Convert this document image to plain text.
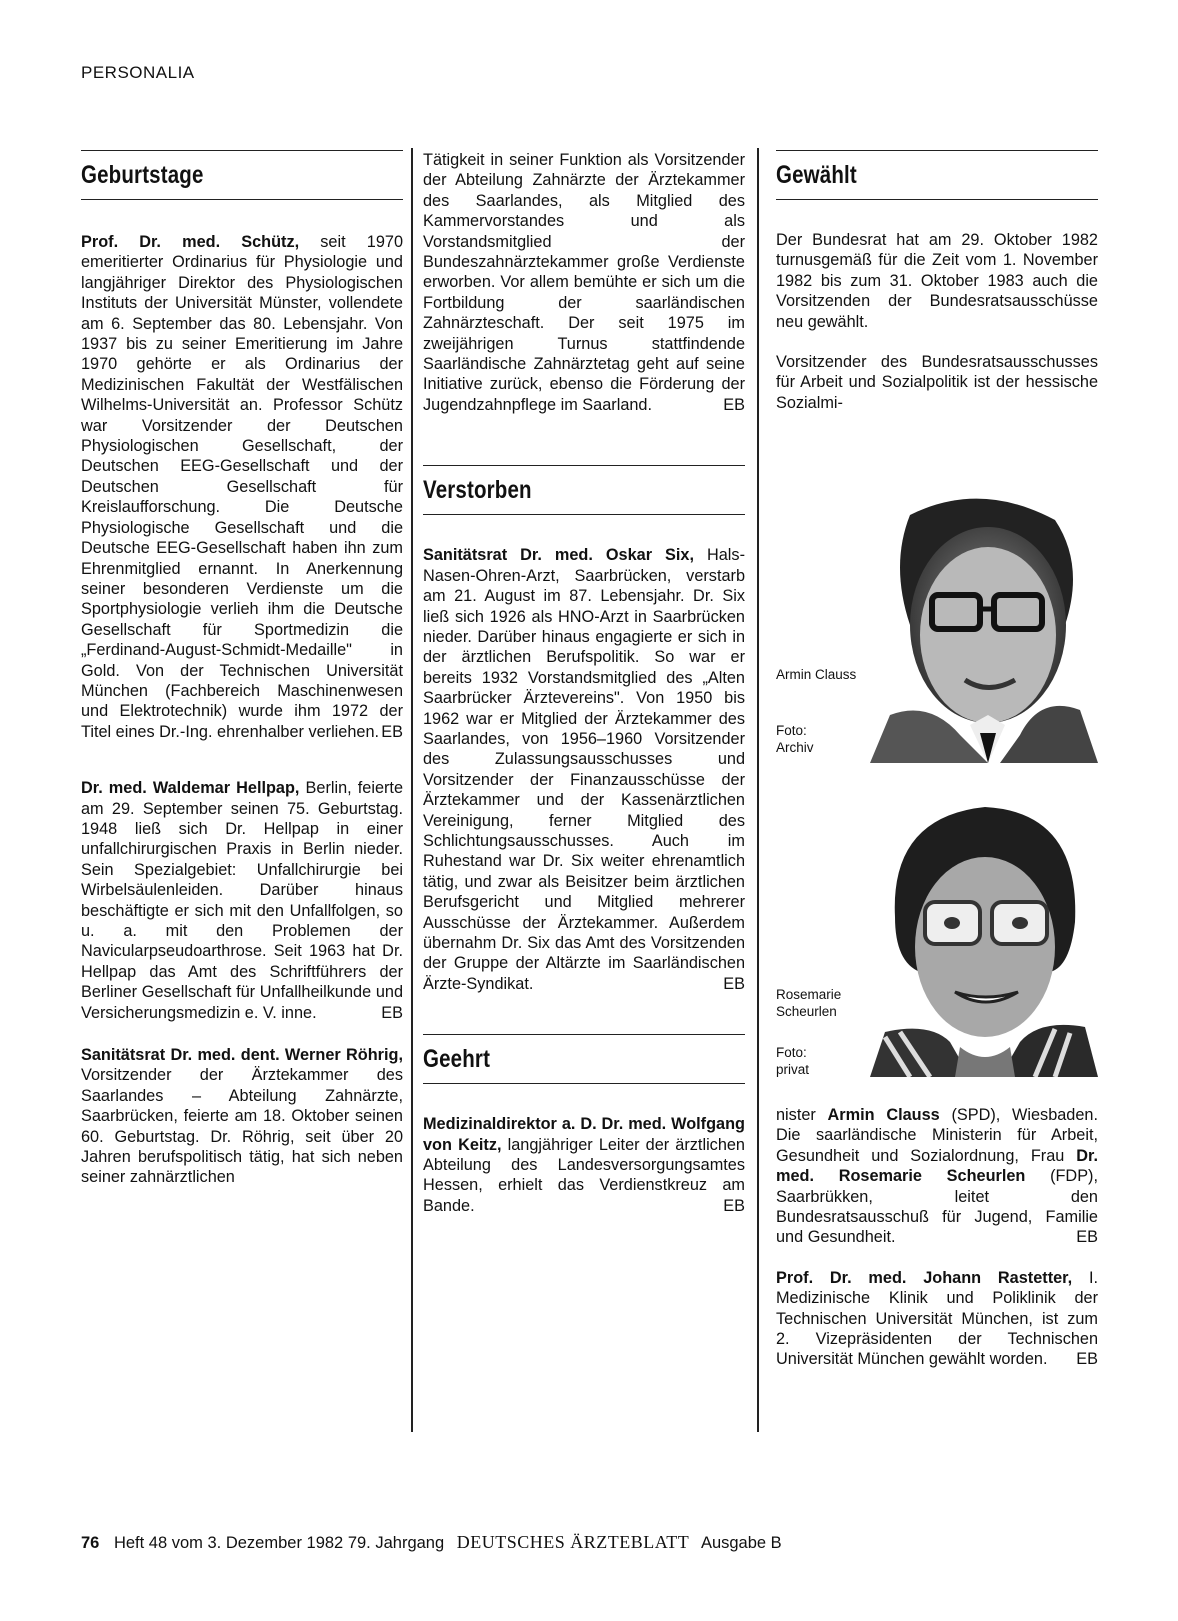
PERSONALIA
Geburtstage

Prof. Dr. med. Schütz, seit 1970 emeritierter Ordinarius für Physiologie und langjähriger Direktor des Physiologischen Instituts der Universität Münster, vollendete am 6. September das 80. Lebensjahr. Von 1937 bis zu seiner Emeritierung im Jahre 1970 gehörte er als Ordinarius der Medizinischen Fakultät der Westfälischen Wilhelms-Universität an. Professor Schütz war Vorsitzender der Deutschen Physiologischen Gesellschaft, der Deutschen EEG-Gesellschaft und der Deutschen Gesellschaft für Kreislaufforschung. Die Deutsche Physiologische Gesellschaft und die Deutsche EEG-Gesellschaft haben ihn zum Ehrenmitglied ernannt. In Anerkennung seiner besonderen Verdienste um die Sportphysiologie verlieh ihm die Deutsche Gesellschaft für Sportmedizin die „Ferdinand-August-Schmidt-Medaille" in Gold. Von der Technischen Universität München (Fachbereich Maschinenwesen und Elektrotechnik) wurde ihm 1972 der Titel eines Dr.-Ing. ehrenhalber verliehen. EB

Dr. med. Waldemar Hellpap, Berlin, feierte am 29. September seinen 75. Geburtstag. 1948 ließ sich Dr. Hellpap in einer unfallchirurgischen Praxis in Berlin nieder. Sein Spezialgebiet: Unfallchirurgie bei Wirbelsäulenleiden. Darüber hinaus beschäftigte er sich mit den Unfallfolgen, so u. a. mit den Problemen der Navicularpseudoarthrose. Seit 1963 hat Dr. Hellpap das Amt des Schriftführers der Berliner Gesellschaft für Unfallheilkunde und Versicherungsmedizin e. V. inne.	EB

Sanitätsrat Dr. med. dent. Werner Röhrig, Vorsitzender der Ärztekammer des Saarlandes – Abteilung Zahnärzte, Saarbrücken, feierte am 18. Oktober seinen 60. Geburtstag. Dr. Röhrig, seit über 20 Jahren berufspolitisch tätig, hat sich neben seiner zahnärztlichen

Tätigkeit in seiner Funktion als Vorsitzender der Abteilung Zahnärzte der Ärztekammer des Saarlandes, als Mitglied des Kammervorstandes und als Vorstandsmitglied der Bundeszahnärztekammer große Verdienste erworben. Vor allem bemühte er sich um die Fortbildung der saarländischen Zahnärzteschaft. Der seit 1975 im zweijährigen Turnus stattfindende Saarländische Zahnärztetag geht auf seine Initiative zurück, ebenso die Förderung der Jugendzahnpflege im Saarland.	EB

Verstorben

Sanitätsrat Dr. med. Oskar Six, Hals-Nasen-Ohren-Arzt, Saarbrücken, verstarb am 21. August im 87. Lebensjahr. Dr. Six ließ sich 1926 als HNO-Arzt in Saarbrücken nieder. Darüber hinaus engagierte er sich in der ärztlichen Berufspolitik. So war er bereits 1932 Vorstandsmitglied des „Alten Saarbrücker Ärztevereins". Von 1950 bis 1962 war er Mitglied der Ärztekammer des Saarlandes, von 1956–1960 Vorsitzender des Zulassungsausschusses und Vorsitzender der Finanzausschüsse der Ärztekammer und der Kassenärztlichen Vereinigung, ferner Mitglied des Schlichtungsausschusses. Auch im Ruhestand war Dr. Six weiter ehrenamtlich tätig, und zwar als Beisitzer beim ärztlichen Berufsgericht und Mitglied mehrerer Ausschüsse der Ärztekammer. Außerdem übernahm Dr. Six das Amt des Vorsitzenden der Gruppe der Altärzte im Saarländischen Ärzte-Syndikat.	EB

Geehrt

Medizinaldirektor a. D. Dr. med. Wolfgang von Keitz, langjähriger Leiter der ärztlichen Abteilung des Landesversorgungsamtes Hessen, erhielt das Verdienstkreuz am Bande.	EB

Gewählt

Der Bundesrat hat am 29. Oktober 1982 turnusgemäß für die Zeit vom 1. November 1982 bis zum 31. Oktober 1983 auch die Vorsitzenden der Bundesratsausschüsse neu gewählt.

Vorsitzender des Bundesratsausschusses für Arbeit und Sozialpolitik ist der hessische Sozialmi-

Armin Clauss
Foto: Archiv
Rosemarie Scheurlen
Foto: privat

nister Armin Clauss (SPD), Wiesbaden. Die saarländische Ministerin für Arbeit, Gesundheit und Sozialordnung, Frau Dr. med. Rosemarie Scheurlen (FDP), Saarbrükken, leitet den Bundesratsausschuß für Jugend, Familie und Gesundheit.	EB

Prof. Dr. med. Johann Rastetter, I. Medizinische Klinik und Poliklinik der Technischen Universität München, ist zum 2. Vizepräsidenten der Technischen Universität München gewählt worden. EB

76 Heft 48 vom 3. Dezember 1982 79. Jahrgang DEUTSCHES ÄRZTEBLATT Ausgabe B
